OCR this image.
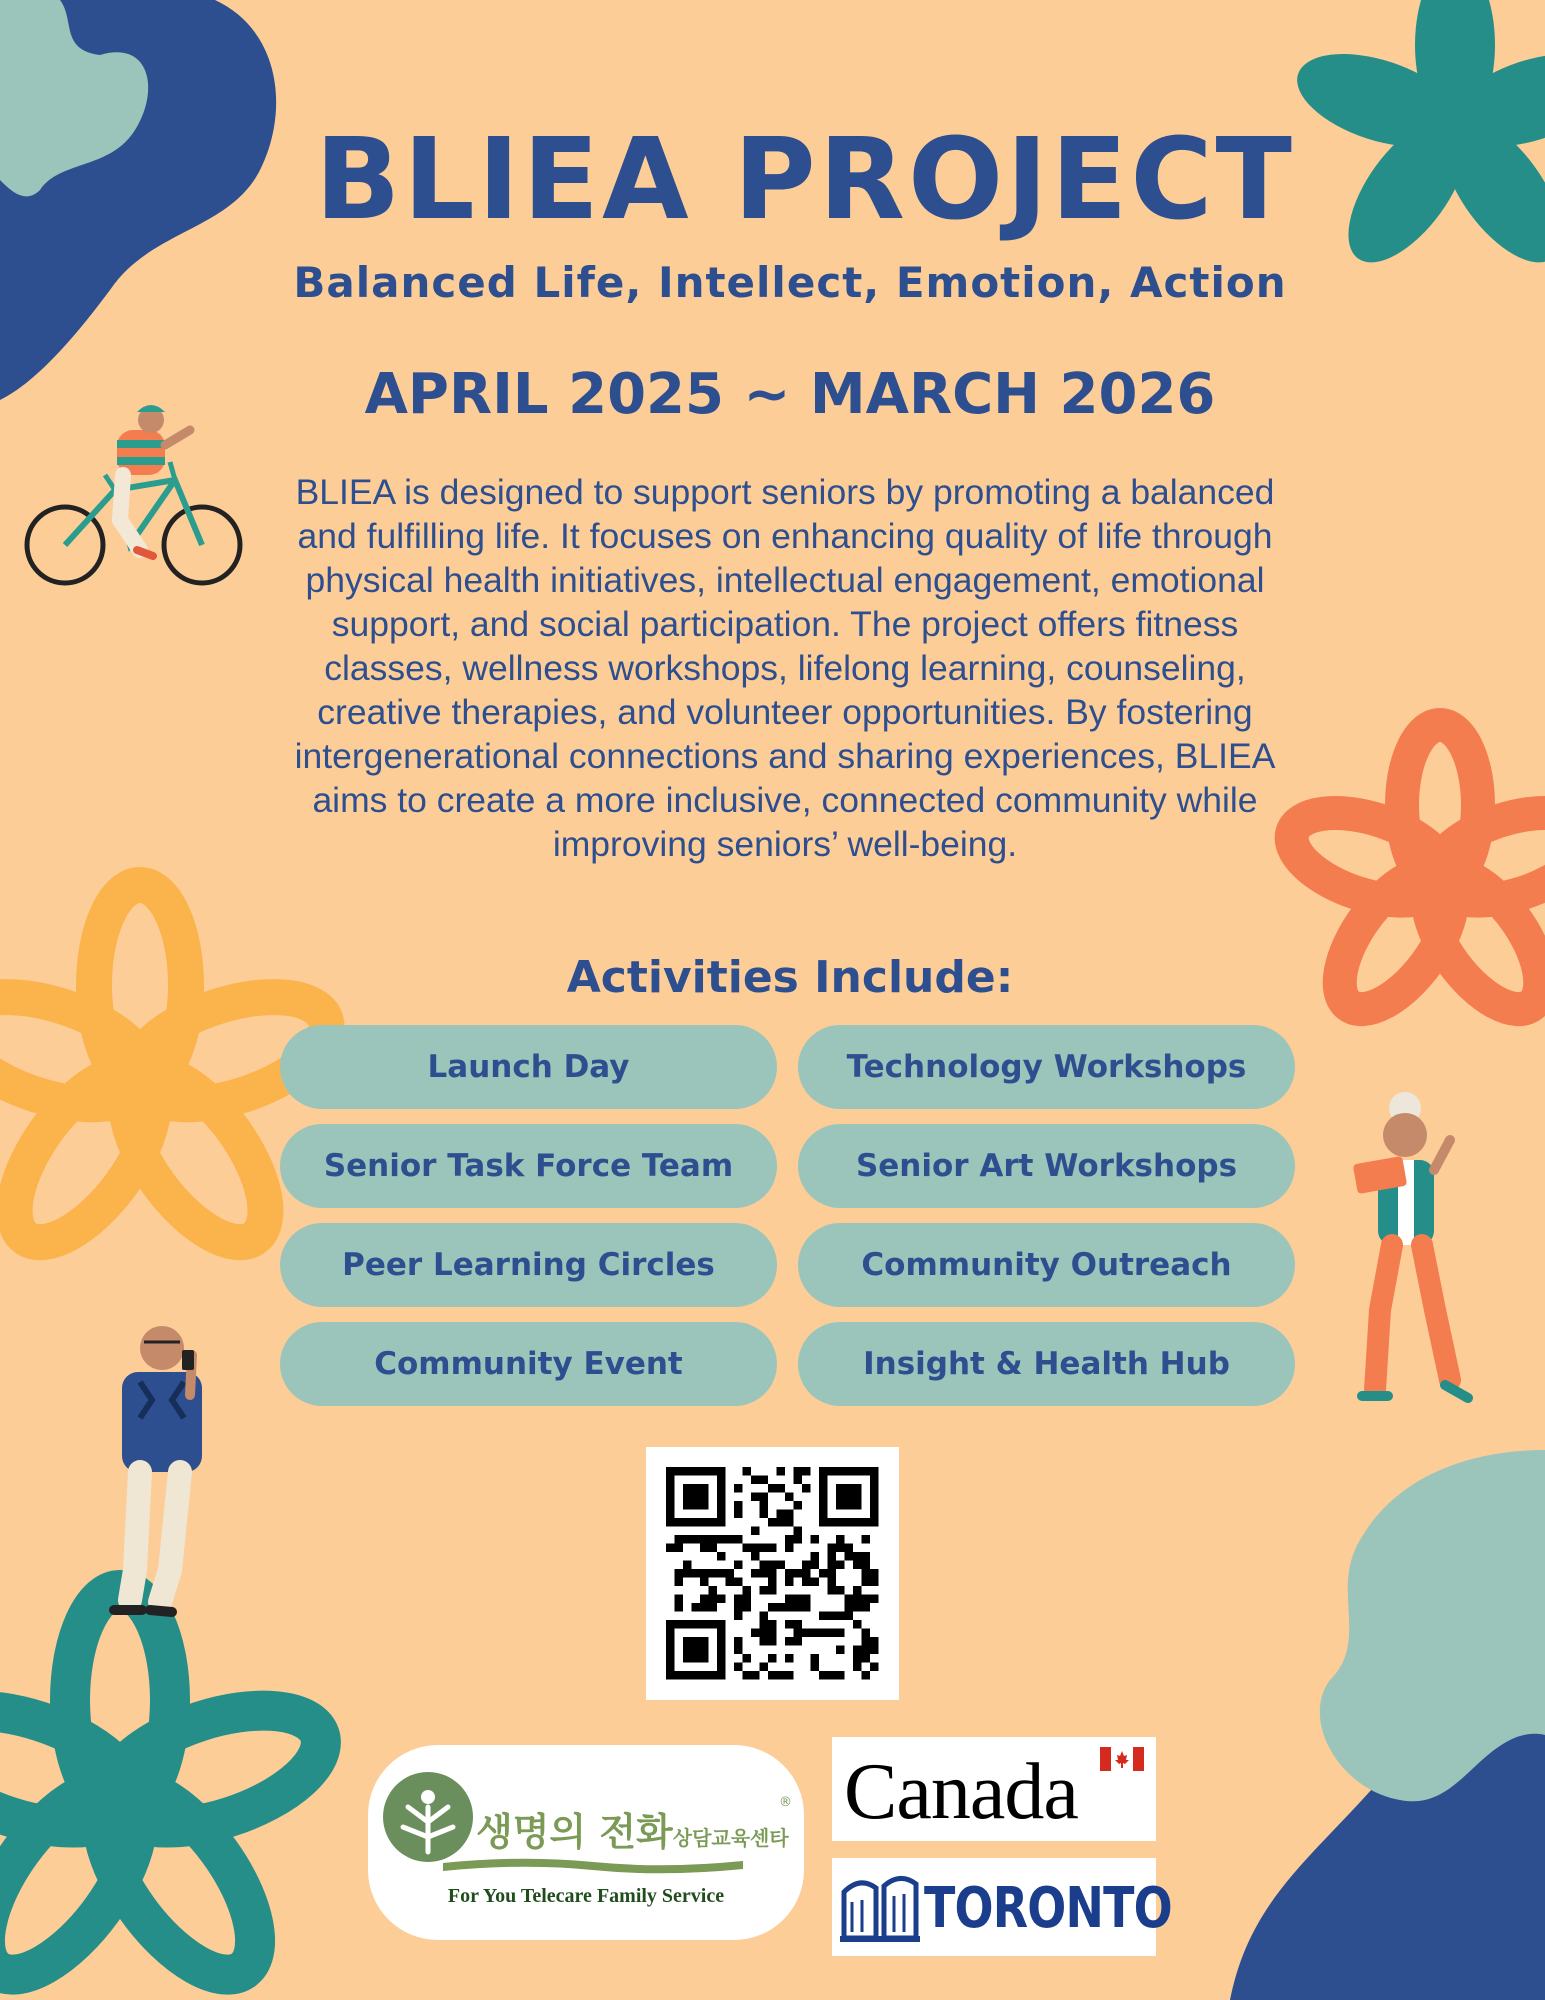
BLIEA PROJECT
Balanced Life, Intellect, Emotion, Action
APRIL 2025 ~ MARCH 2026

BLIEA is designed to support seniors by promoting a balanced and fulfilling life. It focuses on enhancing quality of life through physical health initiatives, intellectual engagement, emotional support, and social participation. The project offers fitness classes, wellness workshops, lifelong learning, counseling, creative therapies, and volunteer opportunities. By fostering intergenerational connections and sharing experiences, BLIEA aims to create a more inclusive, connected community while improving seniors’ well-being.

Activities Include:
Launch Day	Technology Workshops
Senior Task Force Team	Senior Art Workshops
Peer Learning Circles	Community Outreach
Community Event	Insight & Health Hub
생명의 전화상담교육센타
®
For You Telecare Family Service
Canada
TORONTO
